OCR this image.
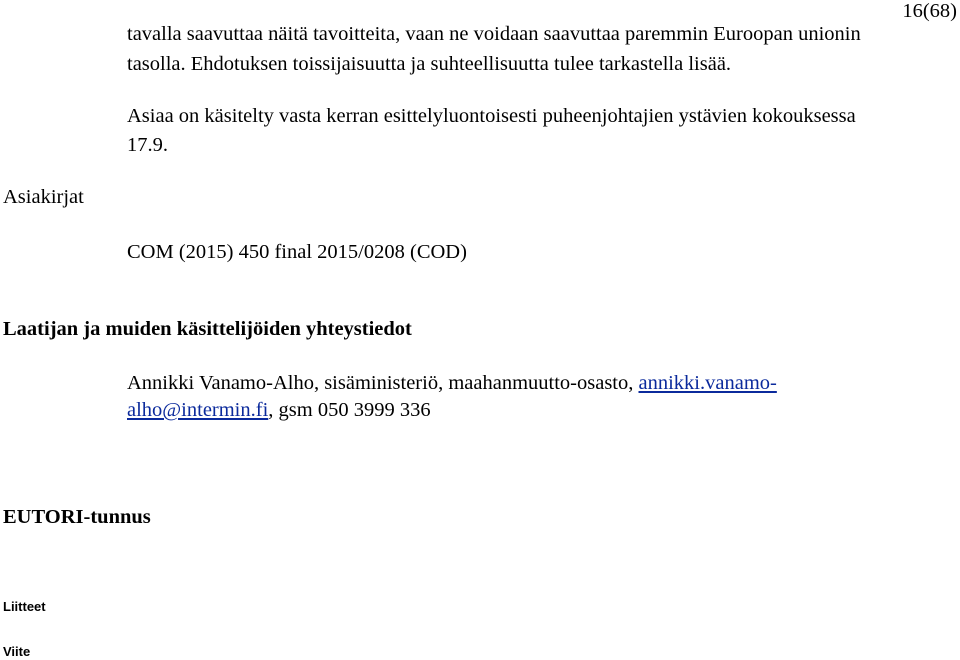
16(68)
tavalla saavuttaa näitä tavoitteita, vaan ne voidaan saavuttaa paremmin Euroopan unionin
tasolla. Ehdotuksen toissijaisuutta ja suhteellisuutta tulee tarkastella lisää.
Asiaa on käsitelty vasta kerran esittelyluontoisesti puheenjohtajien ystävien kokouksessa
17.9.
Asiakirjat
COM (2015) 450 final 2015/0208 (COD)
Laatijan ja muiden käsittelijöiden yhteystiedot
Annikki Vanamo-Alho, sisäministeriö, maahanmuutto-osasto, annikki.vanamo-
alho@intermin.fi, gsm 050 3999 336
EUTORI-tunnus
Liitteet
Viite
